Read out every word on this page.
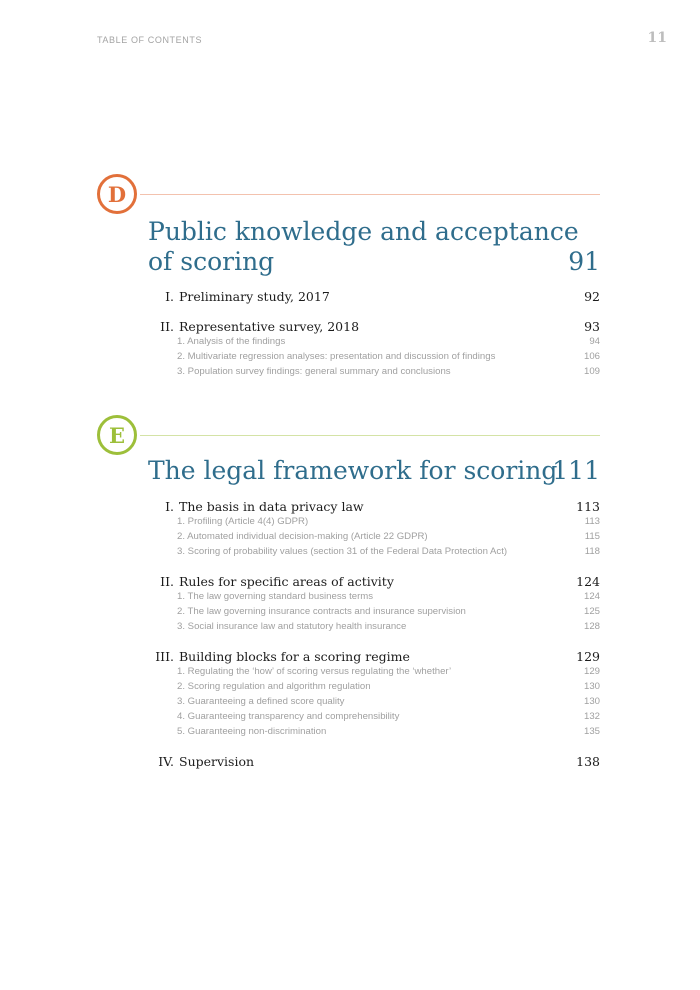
TABLE OF CONTENTS	11
D
Public knowledge and acceptance
of scoring	91
I. Preliminary study, 2017	92
II. Representative survey, 2018	93
1. Analysis of the findings	94
2. Multivariate regression analyses: presentation and discussion of findings	106
3. Population survey findings: general summary and conclusions	109
E
The legal framework for scoring
111
I. The basis in data privacy law	113
1. Profiling (Article 4(4) GDPR)	113
2. Automated individual decision-making (Article 22 GDPR)	115
3. Scoring of probability values (section 31 of the Federal Data Protection Act)	118
II. Rules for specific areas of activity	124
1. The law governing standard business terms	124
2. The law governing insurance contracts and insurance supervision	125
3. Social insurance law and statutory health insurance	128
III. Building blocks for a scoring regime	129
1. Regulating the ‘how’ of scoring versus regulating the ‘whether’	129
2. Scoring regulation and algorithm regulation	130
3. Guaranteeing a defined score quality	130
4. Guaranteeing transparency and comprehensibility	132
5. Guaranteeing non-discrimination	135
IV. Supervision	138
